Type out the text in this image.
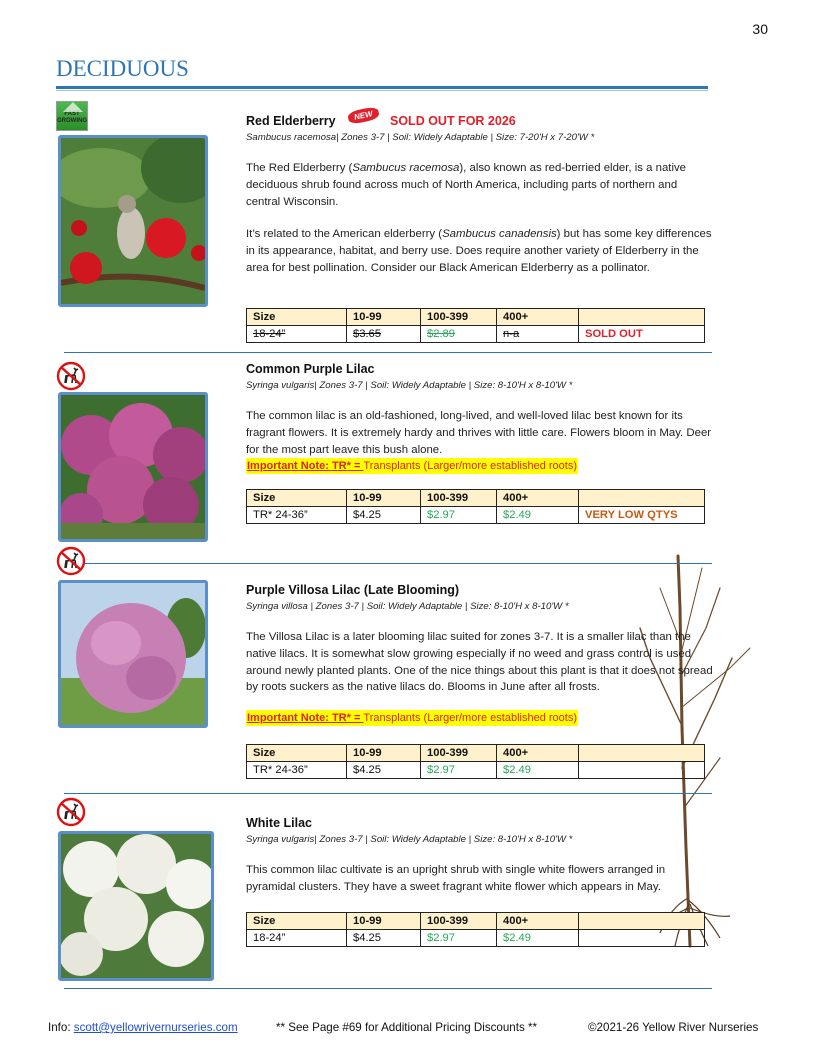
30
DECIDUOUS
FAST GROWING	Red Elderberry	NEW	SOLD OUT FOR 2026
Sambucus racemosa| Zones 3-7 | Soil: Widely Adaptable | Size: 7-20'H x 7-20'W *

The Red Elderberry (Sambucus racemosa), also known as red-berried elder, is a native deciduous shrub found across much of North America, including parts of northern and central Wisconsin.

It’s related to the American elderberry (Sambucus canadensis) but has some key differences in its appearance, habitat, and berry use. Does require another variety of Elderberry in the area for best pollination. Consider our Black American Elderberry as a pollinator.

Size	10-99	100-399	400+	
18-24”	$3.65	$2.89	n-a	SOLD OUT
Common Purple Lilac
Syringa vulgaris| Zones 3-7 | Soil: Widely Adaptable | Size: 8-10'H x 8-10'W *
The common lilac is an old-fashioned, long-lived, and well-loved lilac best known for its fragrant flowers. It is extremely hardy and thrives with little care. Flowers bloom in May. Deer for the most part leave this bush alone.
Important Note: TR* = Transplants (Larger/more established roots)
Size	10-99	100-399	400+	
TR* 24-36”	$4.25	$2.97	$2.49	VERY LOW QTYS
Purple Villosa Lilac (Late Blooming)
Syringa villosa | Zones 3-7 | Soil: Widely Adaptable | Size: 8-10'H x 8-10'W *
The Villosa Lilac is a later blooming lilac suited for zones 3-7. It is a smaller lilac than the native lilacs. It is somewhat slow growing especially if no weed and grass control is used around newly planted plants. One of the nice things about this plant is that it does not spread by roots suckers as the native lilacs do. Blooms in June after all frosts.
Important Note: TR* = Transplants (Larger/more established roots)
Size	10-99	100-399	400+	
TR* 24-36”	$4.25	$2.97	$2.49	
White Lilac
Syringa vulgaris| Zones 3-7 | Soil: Widely Adaptable | Size: 8-10'H x 8-10'W *
This common lilac cultivate is an upright shrub with single white flowers arranged in pyramidal clusters. They have a sweet fragrant white flower which appears in May.
Size	10-99	100-399	400+	
18-24”	$4.25	$2.97	$2.49	
Info: scott@yellowrivernurseries.com	** See Page #69 for Additional Pricing Discounts **	©2021-26 Yellow River Nurseries
